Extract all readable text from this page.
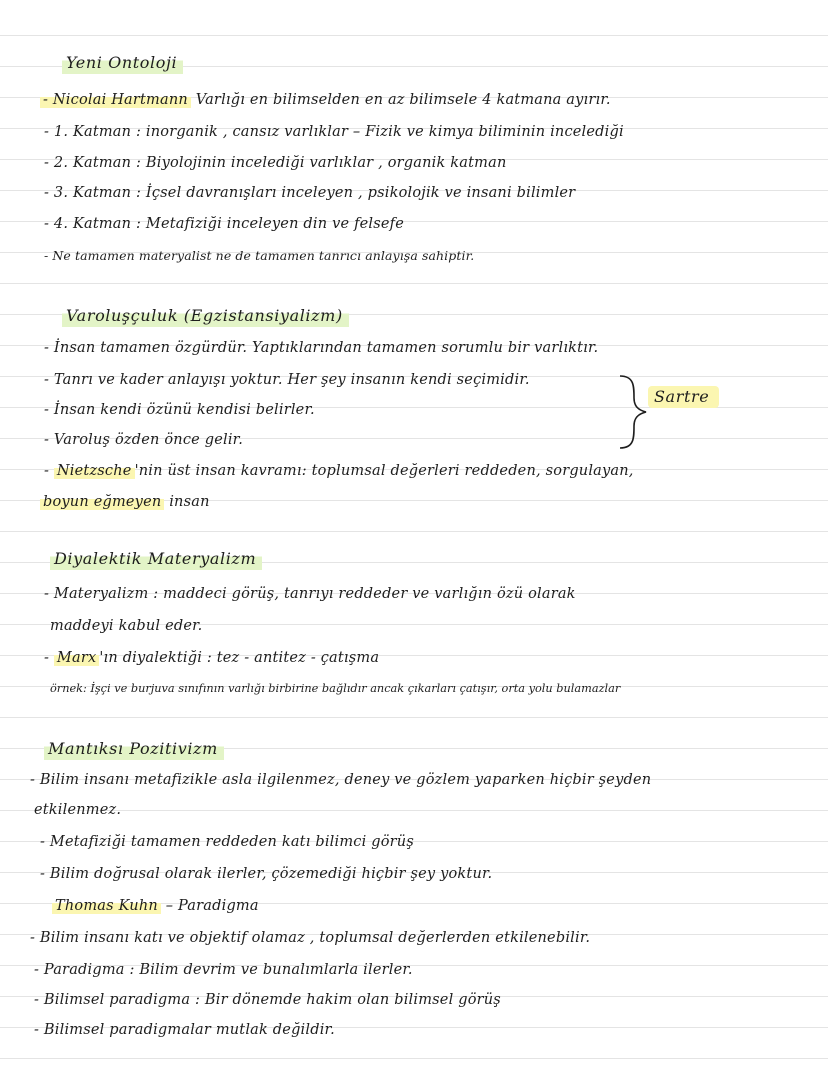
Yeni Ontoloji
- Nicolai Hartmann Varlığı en bilimselden en az bilimsele 4 katmana ayırır.
- 1. Katman : inorganik , cansız varlıklar – Fizik ve kimya biliminin incelediği
- 2. Katman : Biyolojinin incelediği varlıklar , organik katman
- 3. Katman : İçsel davranışları inceleyen , psikolojik ve insani bilimler
- 4. Katman : Metafiziği inceleyen din ve felsefe
- Ne tamamen materyalist ne de tamamen tanrıcı anlayışa sahiptir.
Varoluşçuluk (Egzistansiyalizm)
- İnsan tamamen özgürdür. Yaptıklarından tamamen sorumlu bir varlıktır.
- Tanrı ve kader anlayışı yoktur. Her şey insanın kendi seçimidir.
- İnsan kendi özünü kendisi belirler.
- Varoluş özden önce gelir.
Sartre
- Nietzsche 'nin üst insan kavramı: toplumsal değerleri reddeden, sorgulayan,
boyun eğmeyen insan
Diyalektik Materyalizm
- Materyalizm : maddeci görüş, tanrıyı reddeder ve varlığın özü olarak
maddeyi kabul eder.
- Marx 'ın diyalektiği : tez - antitez - çatışma
örnek: İşçi ve burjuva sınıfının varlığı birbirine bağlıdır ancak çıkarları çatışır, orta yolu bulamazlar
Mantıksı Pozitivizm
- Bilim insanı metafizikle asla ilgilenmez, deney ve gözlem yaparken hiçbir şeyden
etkilenmez.
- Metafiziği tamamen reddeden katı bilimci görüş
- Bilim doğrusal olarak ilerler, çözemediği hiçbir şey yoktur.
Thomas Kuhn – Paradigma
- Bilim insanı katı ve objektif olamaz , toplumsal değerlerden etkilenebilir.
- Paradigma : Bilim devrim ve bunalımlarla ilerler.
- Bilimsel paradigma : Bir dönemde hakim olan bilimsel görüş
- Bilimsel paradigmalar mutlak değildir.
